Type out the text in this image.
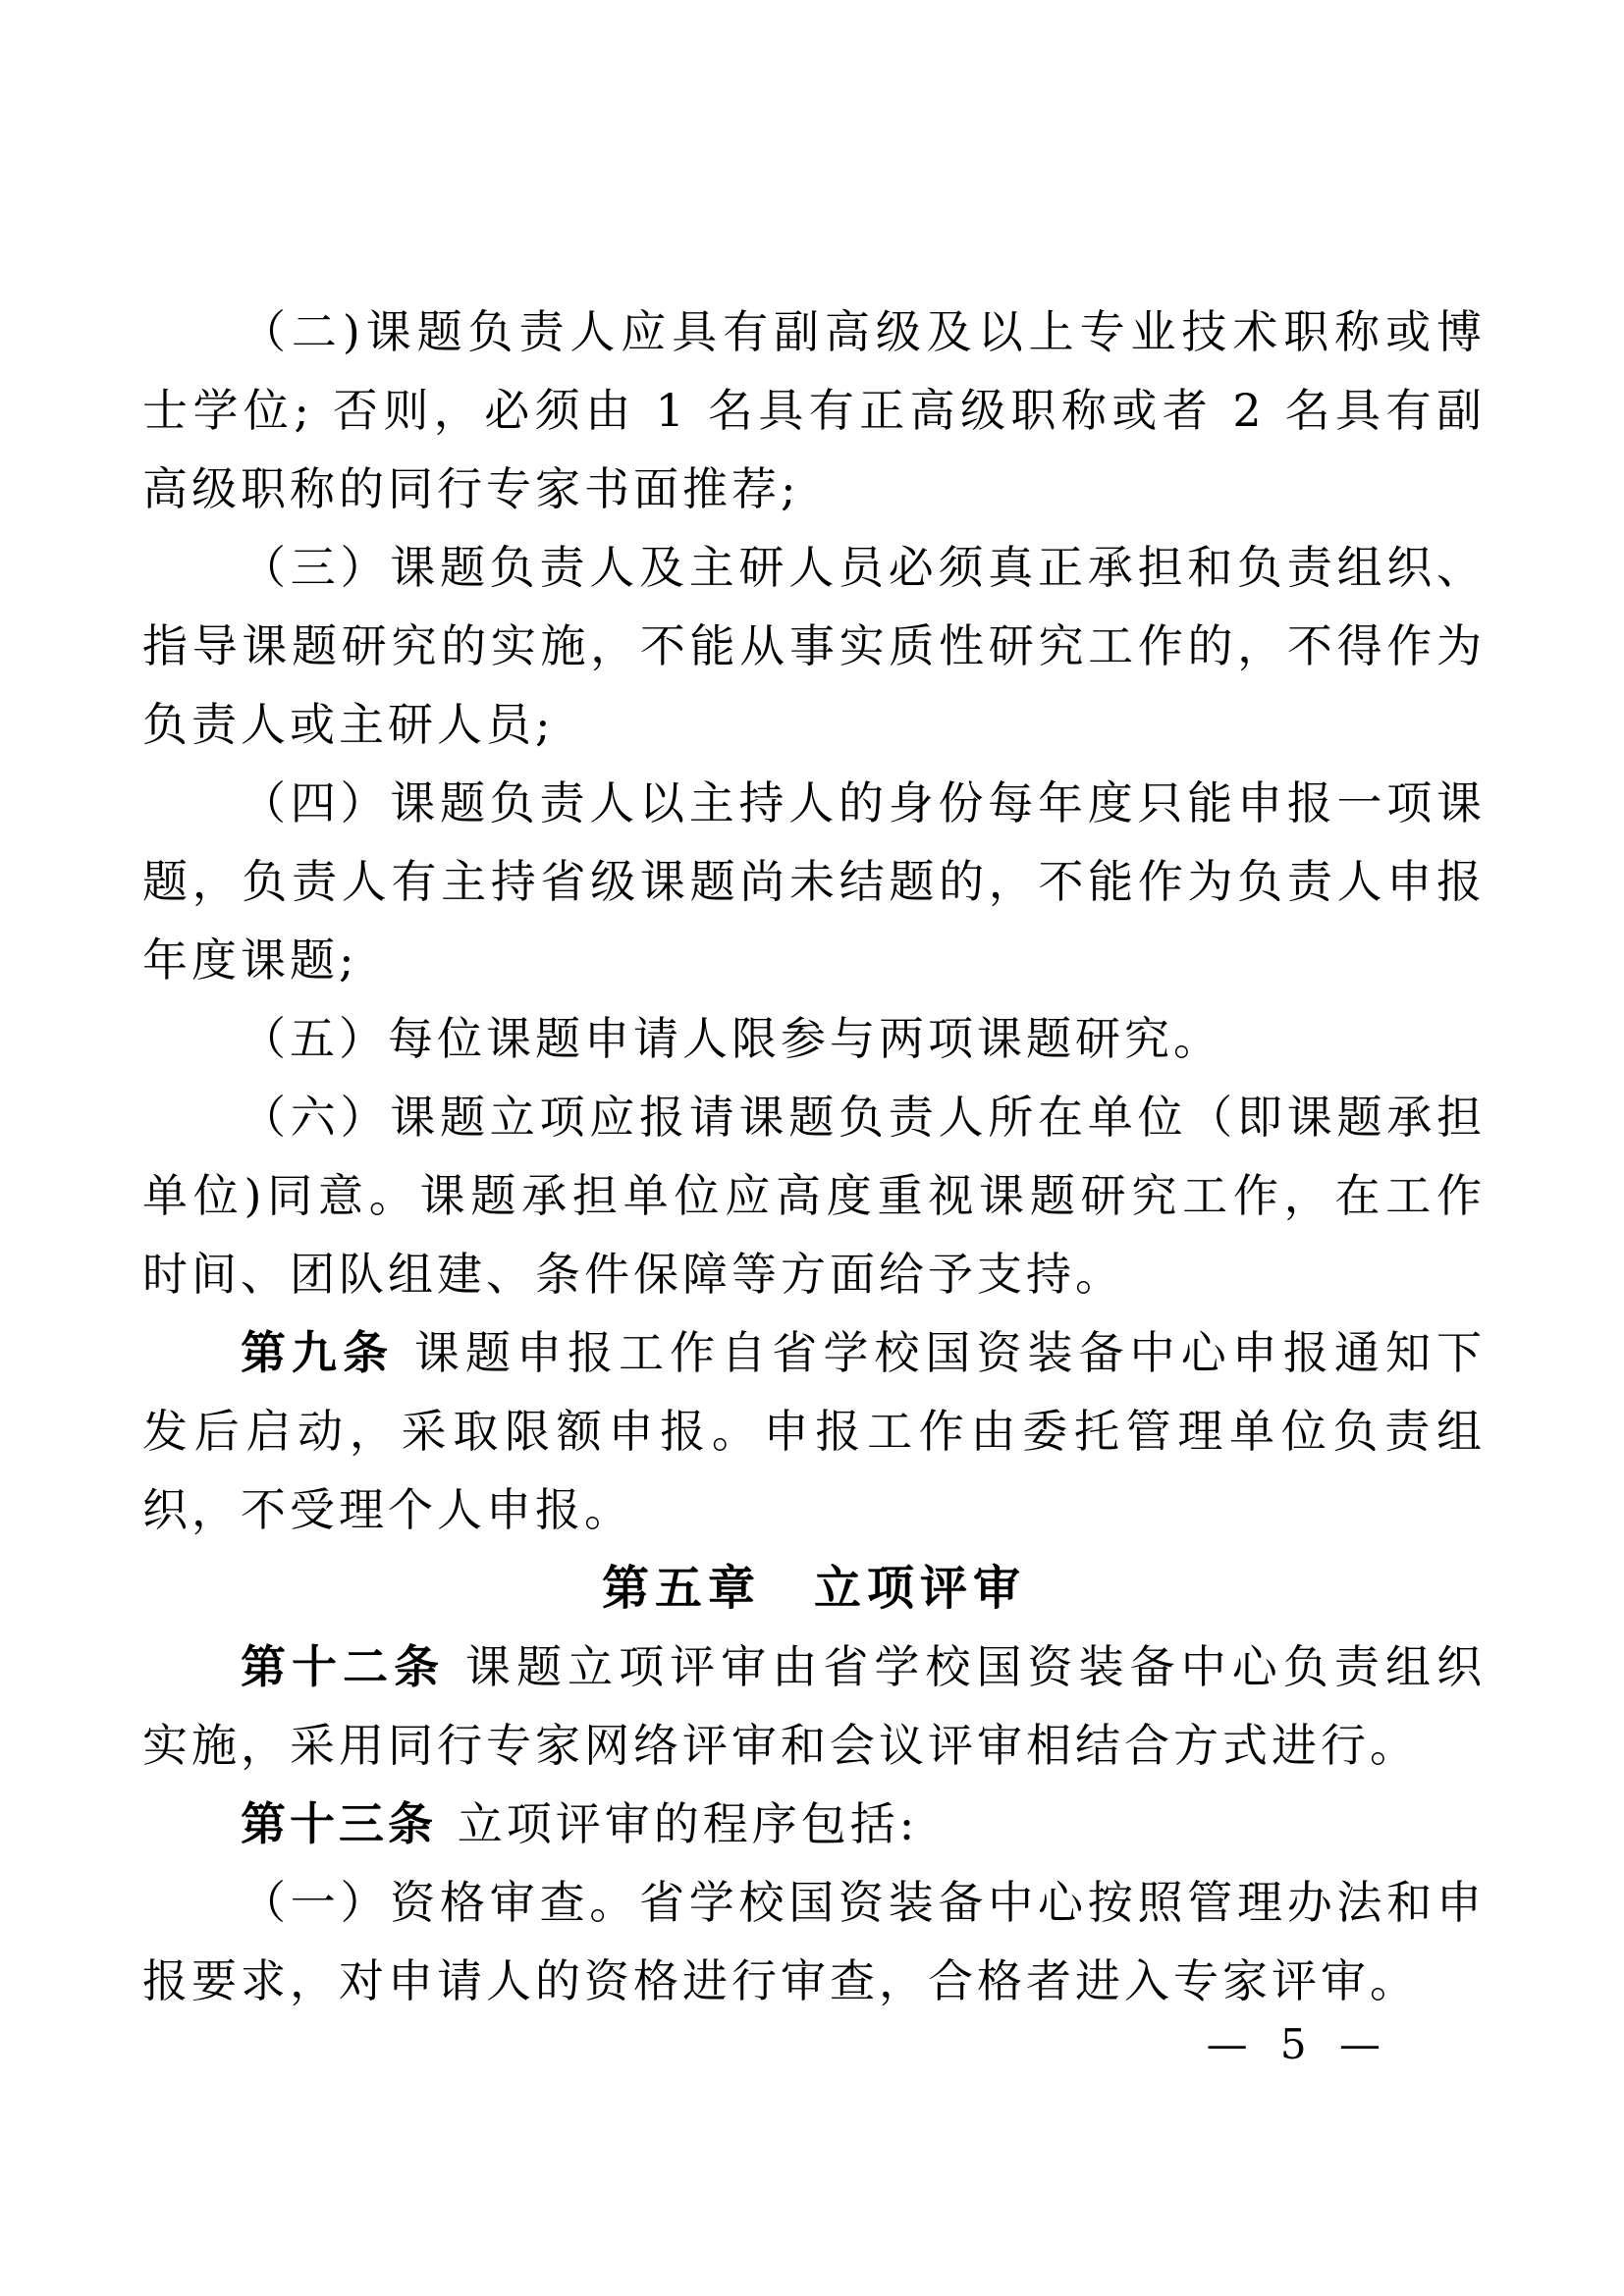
（二)课题负责人应具有副高级及以上专业技术职称或博士学位; 否则，必须由 1 名具有正高级职称或者 2 名具有副高级职称的同行专家书面推荐;

（三）课题负责人及主研人员必须真正承担和负责组织、指导课题研究的实施，不能从事实质性研究工作的，不得作为负责人或主研人员;

（四）课题负责人以主持人的身份每年度只能申报一项课题，负责人有主持省级课题尚未结题的，不能作为负责人申报年度课题;

（五）每位课题申请人限参与两项课题研究。

（六）课题立项应报请课题负责人所在单位（即课题承担单位)同意。课题承担单位应高度重视课题研究工作，在工作时间、团队组建、条件保障等方面给予支持。

第九条 课题申报工作自省学校国资装备中心申报通知下发后启动，采取限额申报。申报工作由委托管理单位负责组织，不受理个人申报。

第五章　立项评审

第十二条 课题立项评审由省学校国资装备中心负责组织实施，采用同行专家网络评审和会议评审相结合方式进行。

第十三条 立项评审的程序包括:

（一）资格审查。省学校国资装备中心按照管理办法和申报要求，对申请人的资格进行审查，合格者进入专家评审。

— 5 —
